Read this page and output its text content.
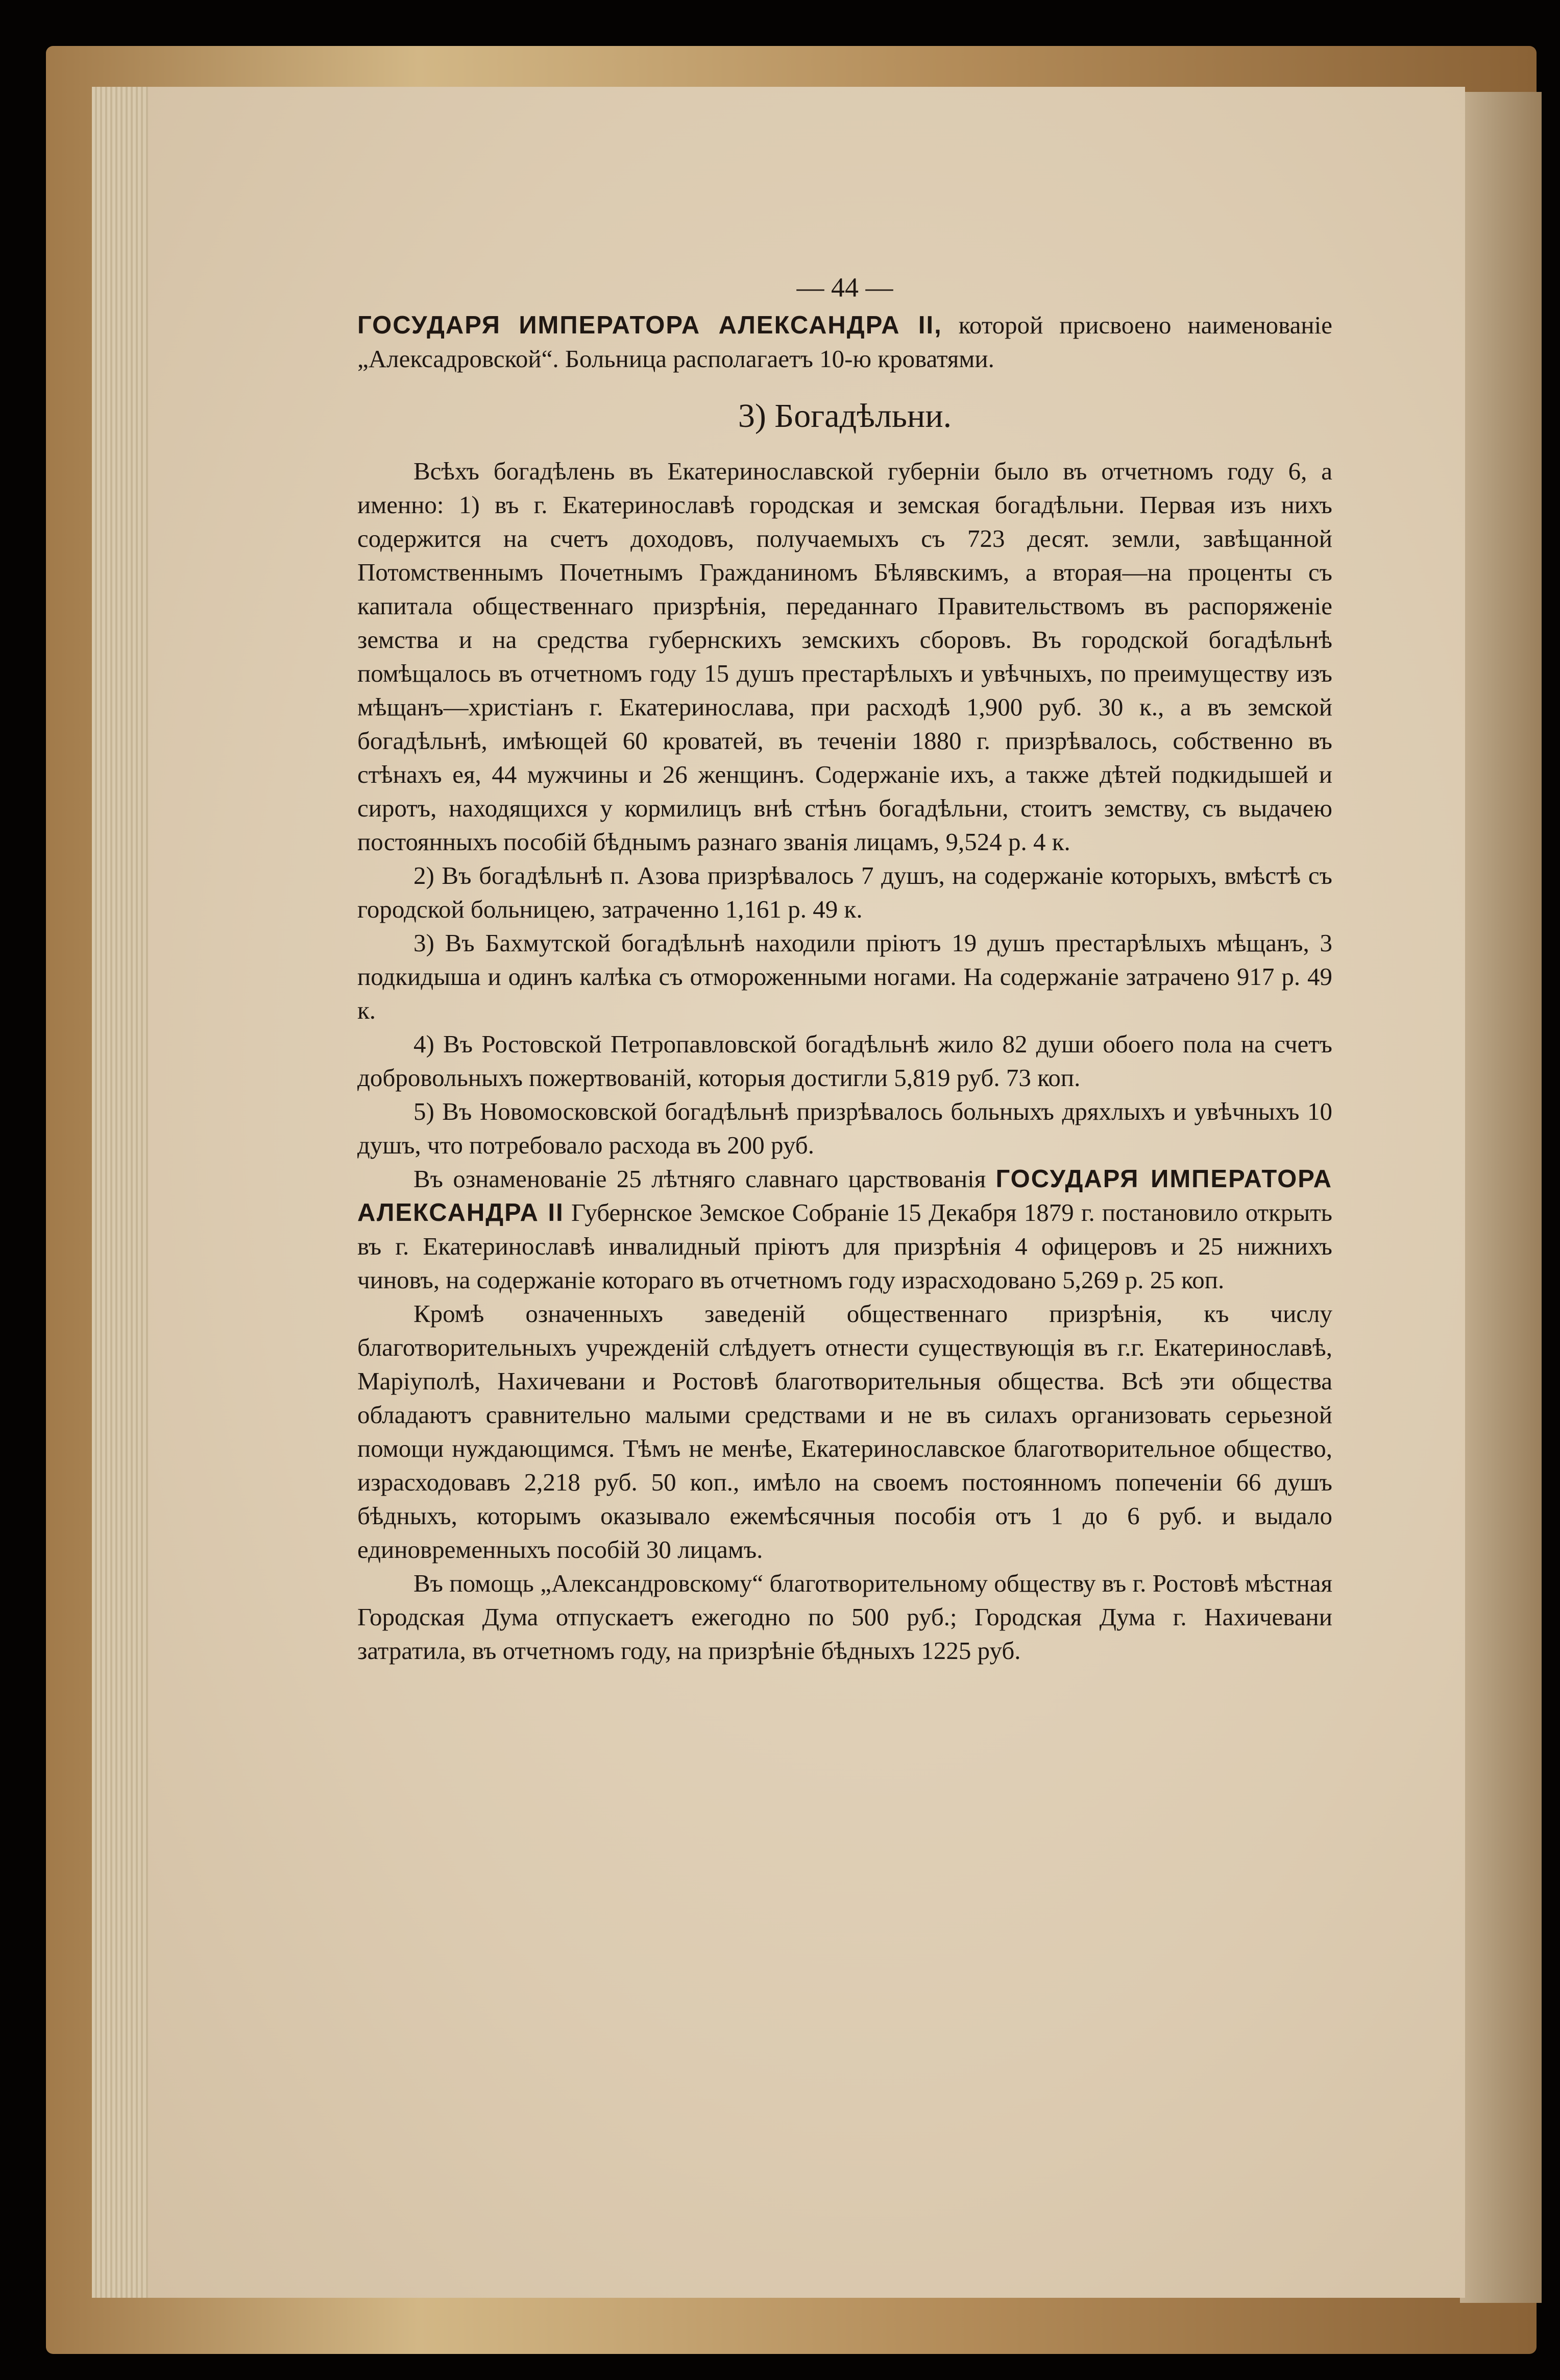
— 44 —

ГОСУДАРЯ ИМПЕРАТОРА АЛЕКСАНДРА II, которой присвоено наименованіе „Алексадровской“. Больница располагаетъ 10-ю кроватями.

3) Богадѣльни.

Всѣхъ богадѣлень въ Екатеринославской губерніи было въ отчетномъ году 6, а именно: 1) въ г. Екатеринославѣ городская и земская богадѣльни. Первая изъ нихъ содержится на счетъ доходовъ, получаемыхъ съ 723 десят. земли, завѣщанной Потомственнымъ Почетнымъ Гражданиномъ Бѣлявскимъ, а вторая—на проценты съ капитала общественнаго призрѣнія, переданнаго Правительствомъ въ распоряженіе земства и на средства губернскихъ земскихъ сборовъ. Въ городской богадѣльнѣ помѣщалось въ отчетномъ году 15 душъ престарѣлыхъ и увѣчныхъ, по преимуществу изъ мѣщанъ—христіанъ г. Екатеринослава, при расходѣ 1,900 руб. 30 к., а въ земской богадѣльнѣ, имѣющей 60 кроватей, въ теченіи 1880 г. призрѣвалось, собственно въ стѣнахъ ея, 44 мужчины и 26 женщинъ. Содержаніе ихъ, а также дѣтей подкидышей и сиротъ, находящихся у кормилицъ внѣ стѣнъ богадѣльни, стоитъ земству, съ выдачею постоянныхъ пособій бѣднымъ разнаго званія лицамъ, 9,524 р. 4 к.

2) Въ богадѣльнѣ п. Азова призрѣвалось 7 душъ, на содержаніе которыхъ, вмѣстѣ съ городской больницею, затраченно 1,161 р. 49 к.

3) Въ Бахмутской богадѣльнѣ находили пріютъ 19 душъ престарѣлыхъ мѣщанъ, 3 подкидыша и одинъ калѣка съ отмороженными ногами. На содержаніе затрачено 917 р. 49 к.

4) Въ Ростовской Петропавловской богадѣльнѣ жило 82 души обоего пола на счетъ добровольныхъ пожертвованій, которыя достигли 5,819 руб. 73 коп.

5) Въ Новомосковской богадѣльнѣ призрѣвалось больныхъ дряхлыхъ и увѣчныхъ 10 душъ, что потребовало расхода въ 200 руб.

Въ ознаменованіе 25 лѣтняго славнаго царствованія ГОСУДАРЯ ИМПЕРАТОРА АЛЕКСАНДРА II Губернское Земское Собраніе 15 Декабря 1879 г. постановило открыть въ г. Екатеринославѣ инвалидный пріютъ для призрѣнія 4 офицеровъ и 25 нижнихъ чиновъ, на содержаніе котораго въ отчетномъ году израсходовано 5,269 р. 25 коп.

Кромѣ означенныхъ заведеній общественнаго призрѣнія, къ числу благотворительныхъ учрежденій слѣдуетъ отнести существующія въ г.г. Екатеринославѣ, Маріуполѣ, Нахичевани и Ростовѣ благотворительныя общества. Всѣ эти общества обладаютъ сравнительно малыми средствами и не въ силахъ организовать серьезной помощи нуждающимся. Тѣмъ не менѣе, Екатеринославское благотворительное общество, израсходовавъ 2,218 руб. 50 коп., имѣло на своемъ постоянномъ попеченіи 66 душъ бѣдныхъ, которымъ оказывало ежемѣсячныя пособія отъ 1 до 6 руб. и выдало единовременныхъ пособій 30 лицамъ.

Въ помощь „Александровскому“ благотворительному обществу въ г. Ростовѣ мѣстная Городская Дума отпускаетъ ежегодно по 500 руб.; Городская Дума г. Нахичевани затратила, въ отчетномъ году, на призрѣніе бѣдныхъ 1225 руб.
